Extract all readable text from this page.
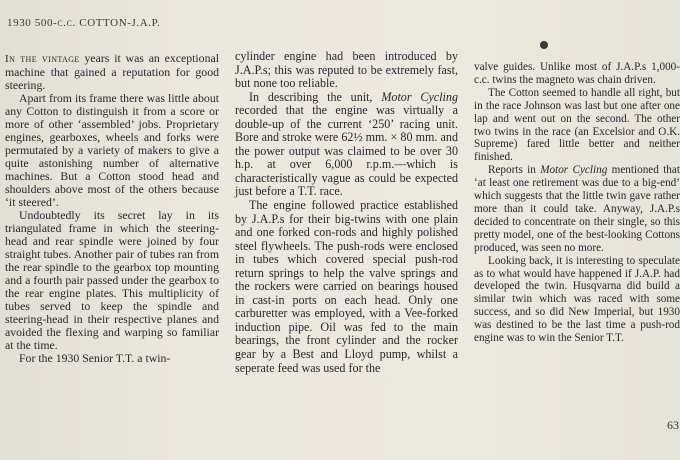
1930 500-c.c. COTTON-J.A.P.

In the vintage years it was an exceptional machine that gained a reputation for good steering.

Apart from its frame there was little about any Cotton to distinguish it from a score or more of other ‘assembled’ jobs. Proprietary engines, gearboxes, wheels and forks were permutated by a variety of makers to give a quite astonishing number of alternative machines. But a Cotton stood head and shoulders above most of the others because ‘it steered’.

Undoubtedly its secret lay in its triangulated frame in which the steering-head and rear spindle were joined by four straight tubes. Another pair of tubes ran from the rear spindle to the gearbox top mounting and a fourth pair passed under the gearbox to the rear engine plates. This multiplicity of tubes served to keep the spindle and steering-head in their respective planes and avoided the flexing and warping so familiar at the time.

For the 1930 Senior T.T. a twin-

cylinder engine had been introduced by J.A.P.s; this was reputed to be extremely fast, but none too reliable.

In describing the unit, Motor Cycling recorded that the engine was virtually a double-up of the current ‘250’ racing unit. Bore and stroke were 62½ mm. × 80 mm. and the power output was claimed to be over 30 h.p. at over 6,000 r.p.m.—which is characteristically vague as could be expected just before a T.T. race.

The engine followed practice established by J.A.P.s for their big-twins with one plain and one forked con-rods and highly polished steel flywheels. The push-rods were enclosed in tubes which covered special push-rod return springs to help the valve springs and the rockers were carried on bearings housed in cast-in ports on each head. Only one carburetter was employed, with a Vee-forked induction pipe. Oil was fed to the main bearings, the front cylinder and the rocker gear by a Best and Lloyd pump, whilst a seperate feed was used for the

valve guides. Unlike most of J.A.P.s 1,000-c.c. twins the magneto was chain driven.

The Cotton seemed to handle all right, but in the race Johnson was last but one after one lap and went out on the second. The other two twins in the race (an Excelsior and O.K. Supreme) fared little better and neither finished.

Reports in Motor Cycling mentioned that ‘at least one retirement was due to a big-end’ which suggests that the little twin gave rather more than it could take. Anyway, J.A.P.s decided to concentrate on their single, so this pretty model, one of the best-looking Cottons produced, was seen no more.

Looking back, it is interesting to speculate as to what would have happened if J.A.P. had developed the twin. Husqvarna did build a similar twin which was raced with some success, and so did New Imperial, but 1930 was destined to be the last time a push-rod engine was to win the Senior T.T.

63
